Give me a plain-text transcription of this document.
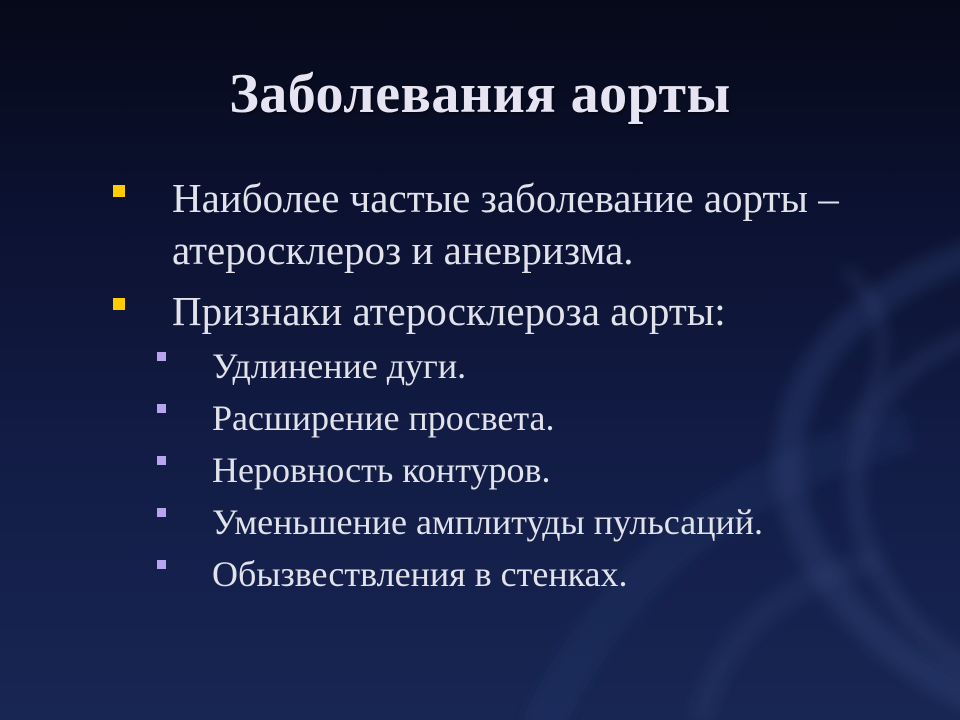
Заболевания аорты
Наиболее частые заболевание аорты – атеросклероз и аневризма.
Признаки атеросклероза аорты:
Удлинение дуги.
Расширение просвета.
Неровность контуров.
Уменьшение амплитуды пульсаций.
Обызвествления в стенках.
